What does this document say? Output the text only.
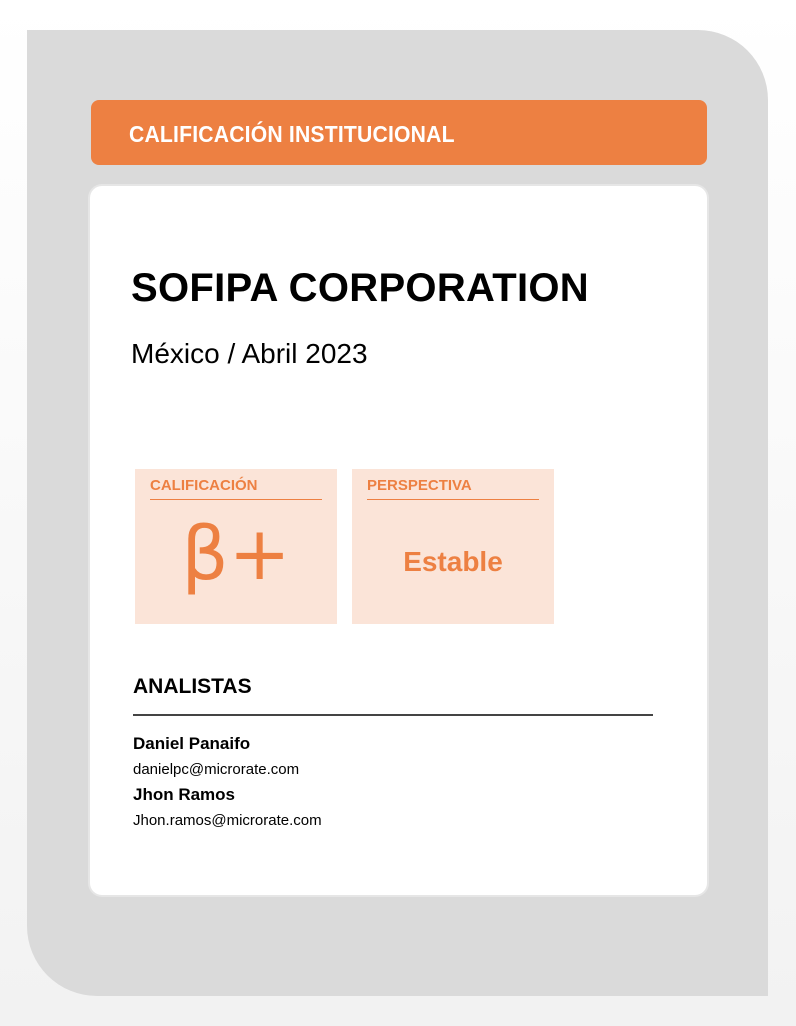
CALIFICACIÓN INSTITUCIONAL
SOFIPA CORPORATION
México / Abril 2023
CALIFICACIÓN
β+
PERSPECTIVA
Estable
ANALISTAS
Daniel Panaifo
danielpc@microrate.com
Jhon Ramos
Jhon.ramos@microrate.com
